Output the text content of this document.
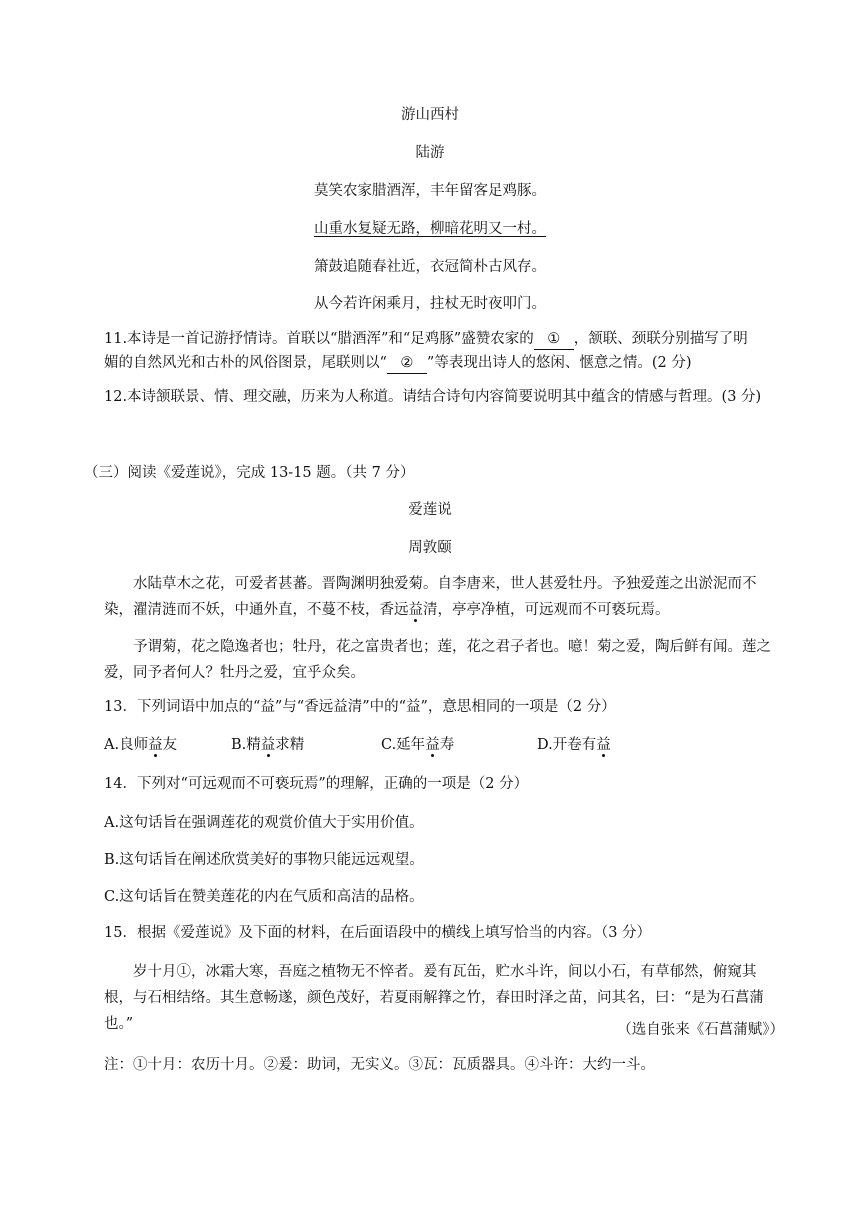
游山西村
陆游
莫笑农家腊酒浑，丰年留客足鸡豚。
山重水复疑无路，柳暗花明又一村。
箫鼓追随春社近，衣冠简朴古风存。
从今若许闲乘月，拄杖无时夜叩门。
11.本诗是一首记游抒情诗。首联以“腊酒浑”和“足鸡豚”盛赞农家的 ① ，颔联、颈联分别描写了明
媚的自然风光和古朴的风俗图景，尾联则以“ ② ”等表现出诗人的悠闲、惬意之情。(2 分)
12.本诗颔联景、情、理交融，历来为人称道。请结合诗句内容简要说明其中蕴含的情感与哲理。(3 分)
（三）阅读《爱莲说》，完成 13-15 题。（共 7 分）
爱莲说
周敦颐
水陆草木之花，可爱者甚蕃。晋陶渊明独爱菊。自李唐来，世人甚爱牡丹。予独爱莲之出淤泥而不染，濯清涟而不妖，中通外直，不蔓不枝，香远益清，亭亭净植，可远观而不可亵玩焉。
予谓菊，花之隐逸者也；牡丹，花之富贵者也；莲，花之君子者也。噫！菊之爱，陶后鲜有闻。莲之爱，同予者何人？牡丹之爱，宜乎众矣。
13．下列词语中加点的“益”与“香远益清”中的“益”，意思相同的一项是（2 分）
A.良师益友	B.精益求精	C.延年益寿	D.开卷有益
14．下列对“可远观而不可亵玩焉”的理解，正确的一项是（2 分）
A.这句话旨在强调莲花的观赏价值大于实用价值。
B.这句话旨在阐述欣赏美好的事物只能远远观望。
C.这句话旨在赞美莲花的内在气质和高洁的品格。
15．根据《爱莲说》及下面的材料，在后面语段中的横线上填写恰当的内容。（3 分）
岁十月①，冰霜大寒，吾庭之植物无不悴者。爰有瓦缶，贮水斗许，间以小石，有草郁然，俯窥其根，与石相结络。其生意畅遂，颜色茂好，若夏雨解箨之竹，春田时泽之苗，问其名，曰：“是为石菖蒲也。”	（选自张来《石菖蒲赋》）
注：①十月：农历十月。②爰：助词，无实义。③瓦：瓦质器具。④斗许：大约一斗。
